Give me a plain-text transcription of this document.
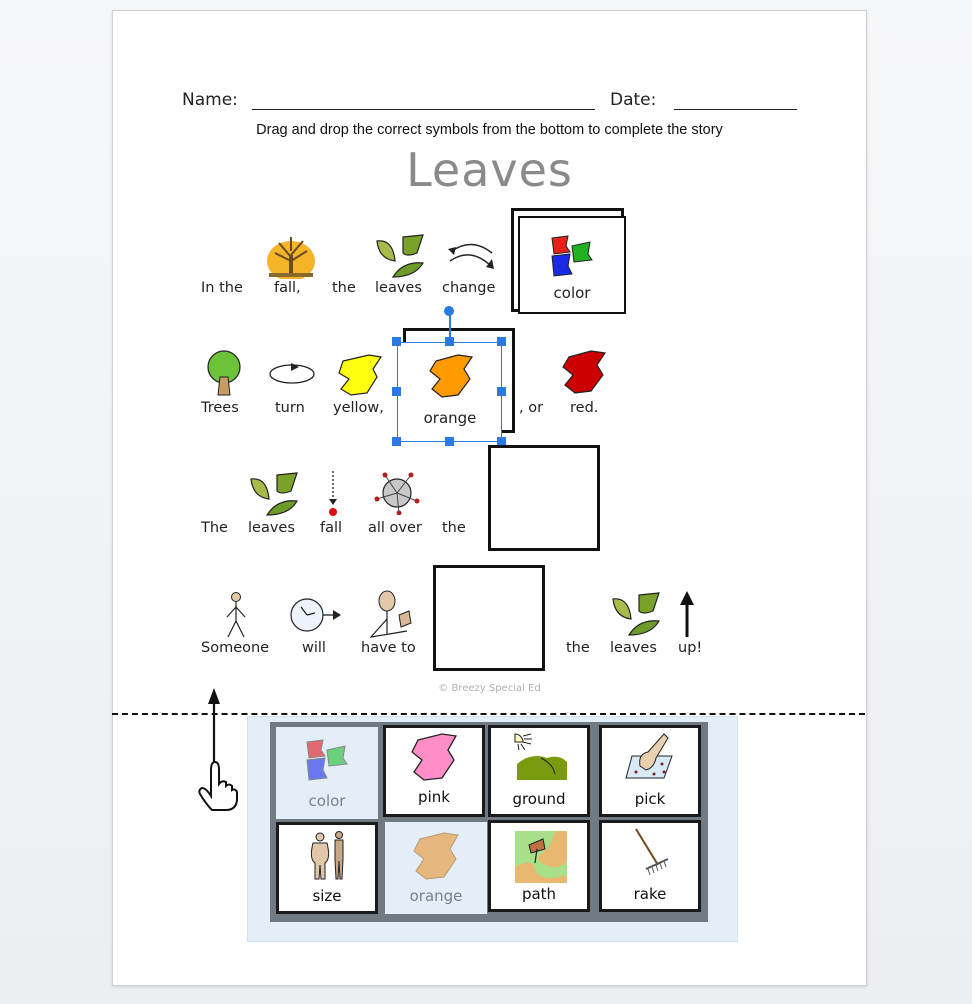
Name:	Date:
Drag and drop the correct symbols from the bottom to complete the story
Leaves
In the fall, the leaves change	color
Trees turn yellow,
orange
, or red.
The leaves fall all over the
Someone will have to	the leaves up!
© Breezy Special Ed
color	pink	ground	pick
size	orange	path	rake
